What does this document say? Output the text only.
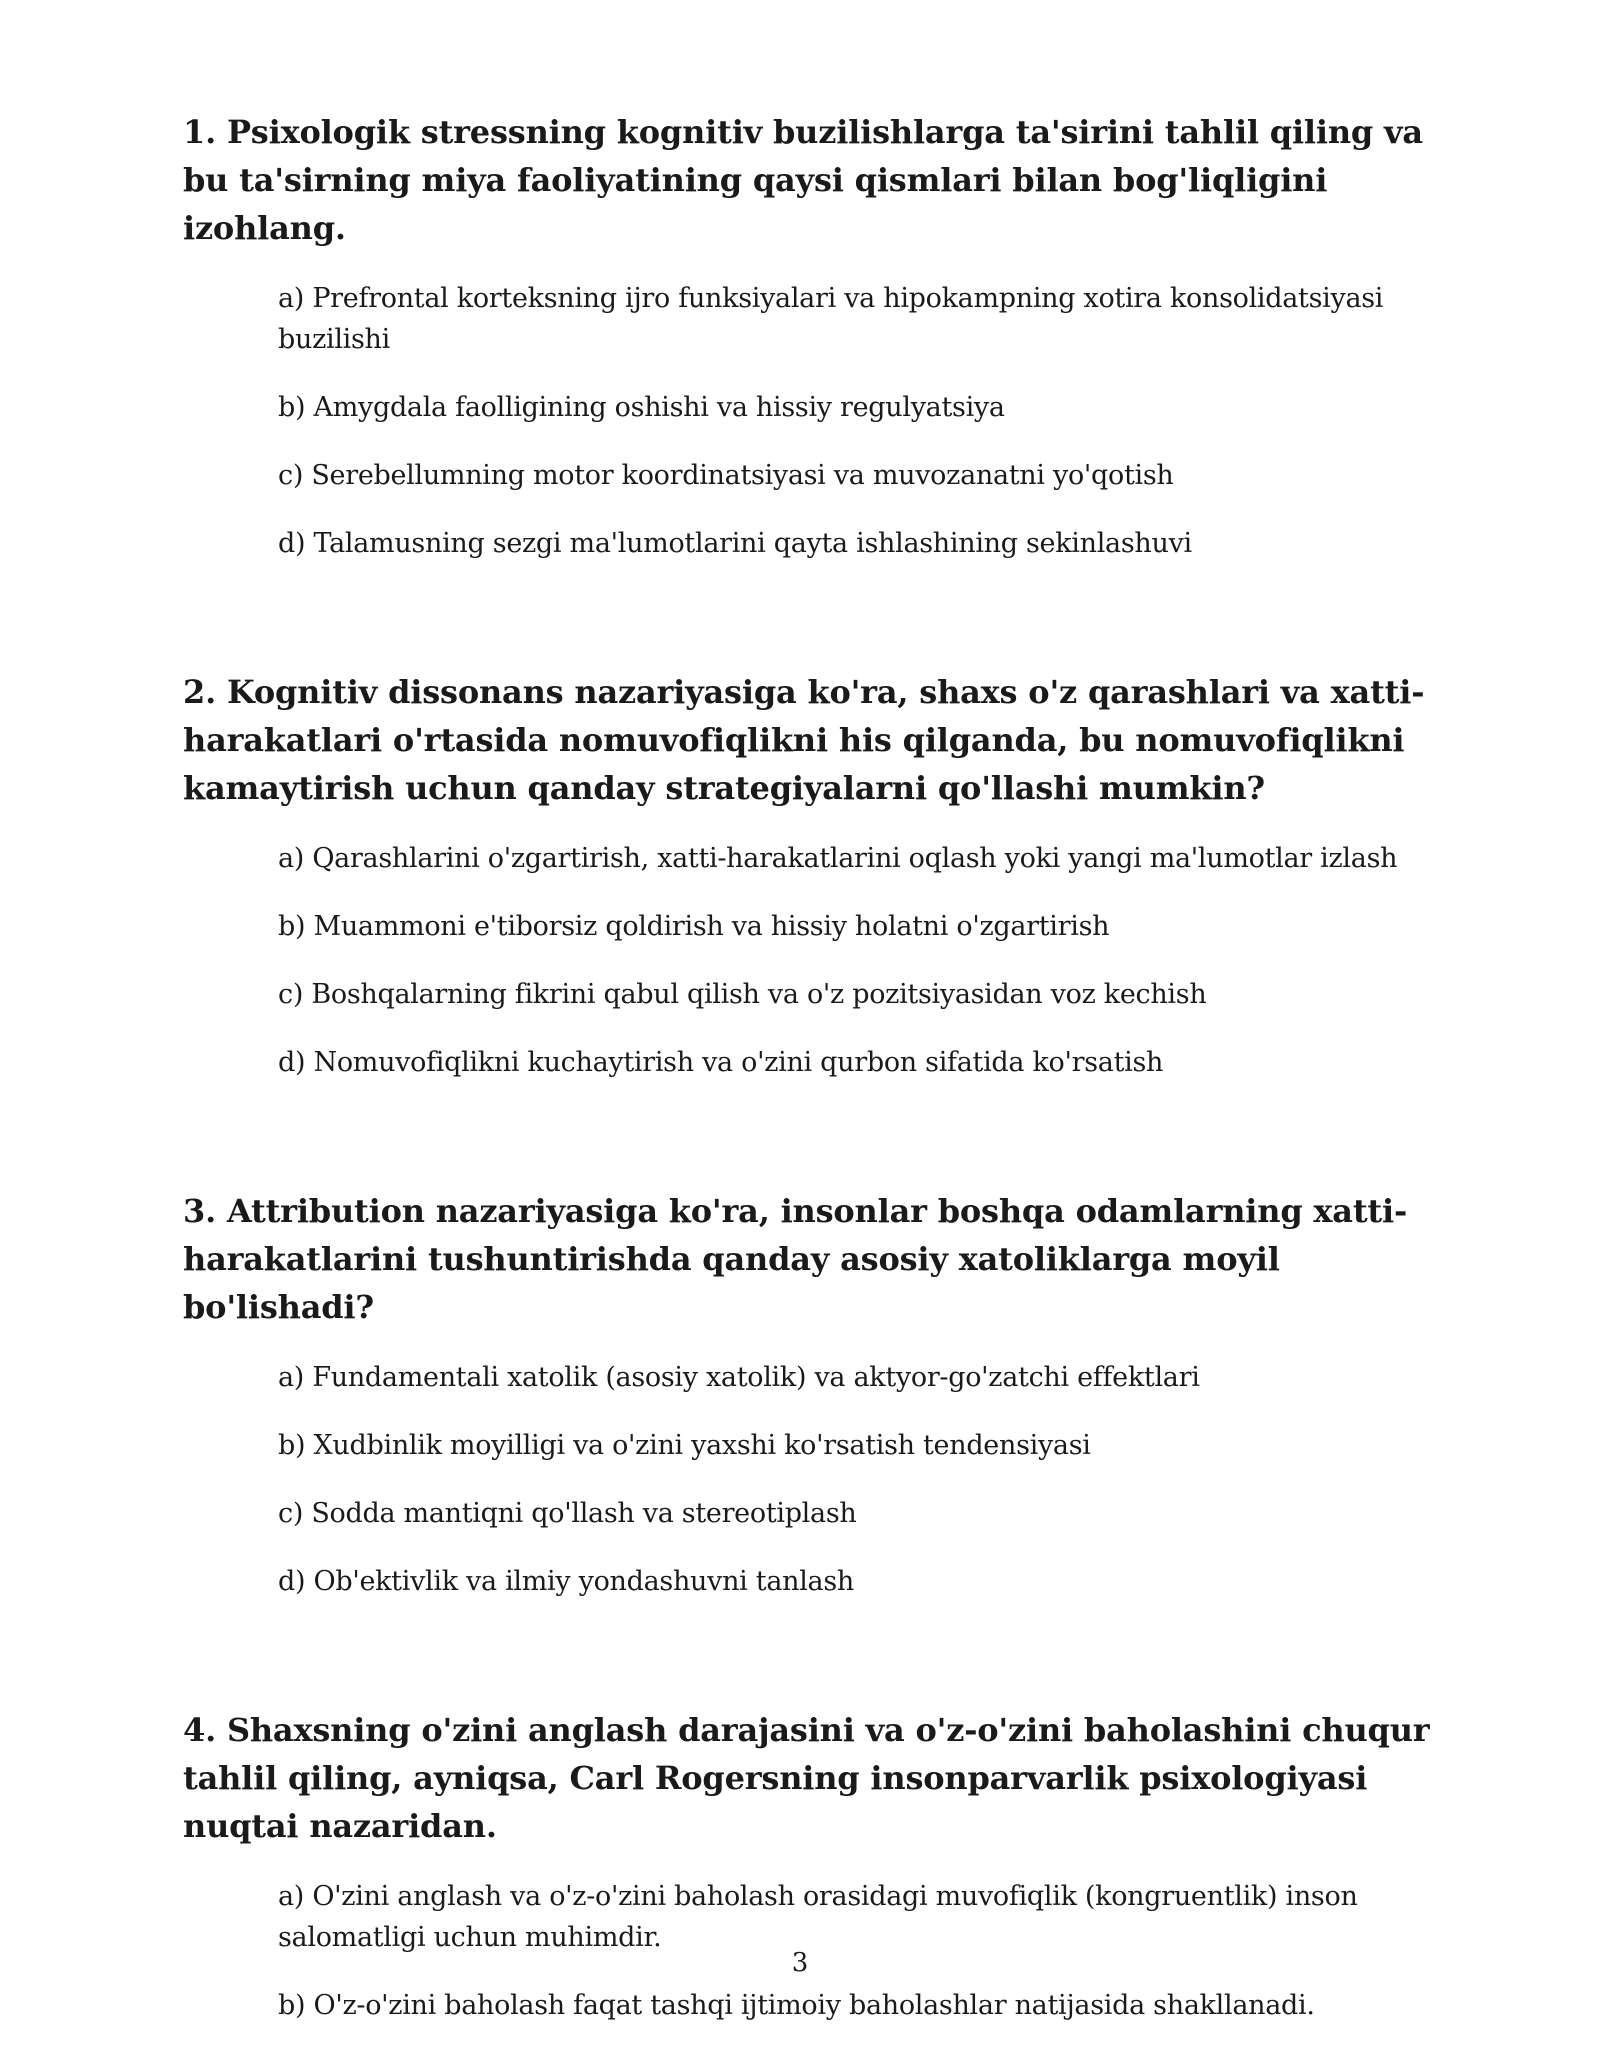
1. Psixologik stressning kognitiv buzilishlarga ta'sirini tahlil qiling va bu ta'sirning miya faoliyatining qaysi qismlari bilan bog'liqligini izohlang.

a) Prefrontal korteksning ijro funksiyalari va hipokampning xotira konsolidatsiyasi buzilishi
b) Amygdala faolligining oshishi va hissiy regulyatsiya
c) Serebellumning motor koordinatsiyasi va muvozanatni yo'qotish
d) Talamusning sezgi ma'lumotlarini qayta ishlashining sekinlashuvi

2. Kognitiv dissonans nazariyasiga ko'ra, shaxs o'z qarashlari va xatti-harakatlari o'rtasida nomuvofiqlikni his qilganda, bu nomuvofiqlikni kamaytirish uchun qanday strategiyalarni qo'llashi mumkin?

a) Qarashlarini o'zgartirish, xatti-harakatlarini oqlash yoki yangi ma'lumotlar izlash
b) Muammoni e'tiborsiz qoldirish va hissiy holatni o'zgartirish
c) Boshqalarning fikrini qabul qilish va o'z pozitsiyasidan voz kechish
d) Nomuvofiqlikni kuchaytirish va o'zini qurbon sifatida ko'rsatish

3. Attribution nazariyasiga ko'ra, insonlar boshqa odamlarning xatti-harakatlarini tushuntirishda qanday asosiy xatoliklarga moyil bo'lishadi?

a) Fundamentali xatolik (asosiy xatolik) va aktyor-go'zatchi effektlari
b) Xudbinlik moyilligi va o'zini yaxshi ko'rsatish tendensiyasi
c) Sodda mantiqni qo'llash va stereotiplash
d) Ob'ektivlik va ilmiy yondashuvni tanlash

4. Shaxsning o'zini anglash darajasini va o'z-o'zini baholashini chuqur tahlil qiling, ayniqsa, Carl Rogersning insonparvarlik psixologiyasi nuqtai nazaridan.

a) O'zini anglash va o'z-o'zini baholash orasidagi muvofiqlik (kongruentlik) inson salomatligi uchun muhimdir.
b) O'z-o'zini baholash faqat tashqi ijtimoiy baholashlar natijasida shakllanadi.
3
